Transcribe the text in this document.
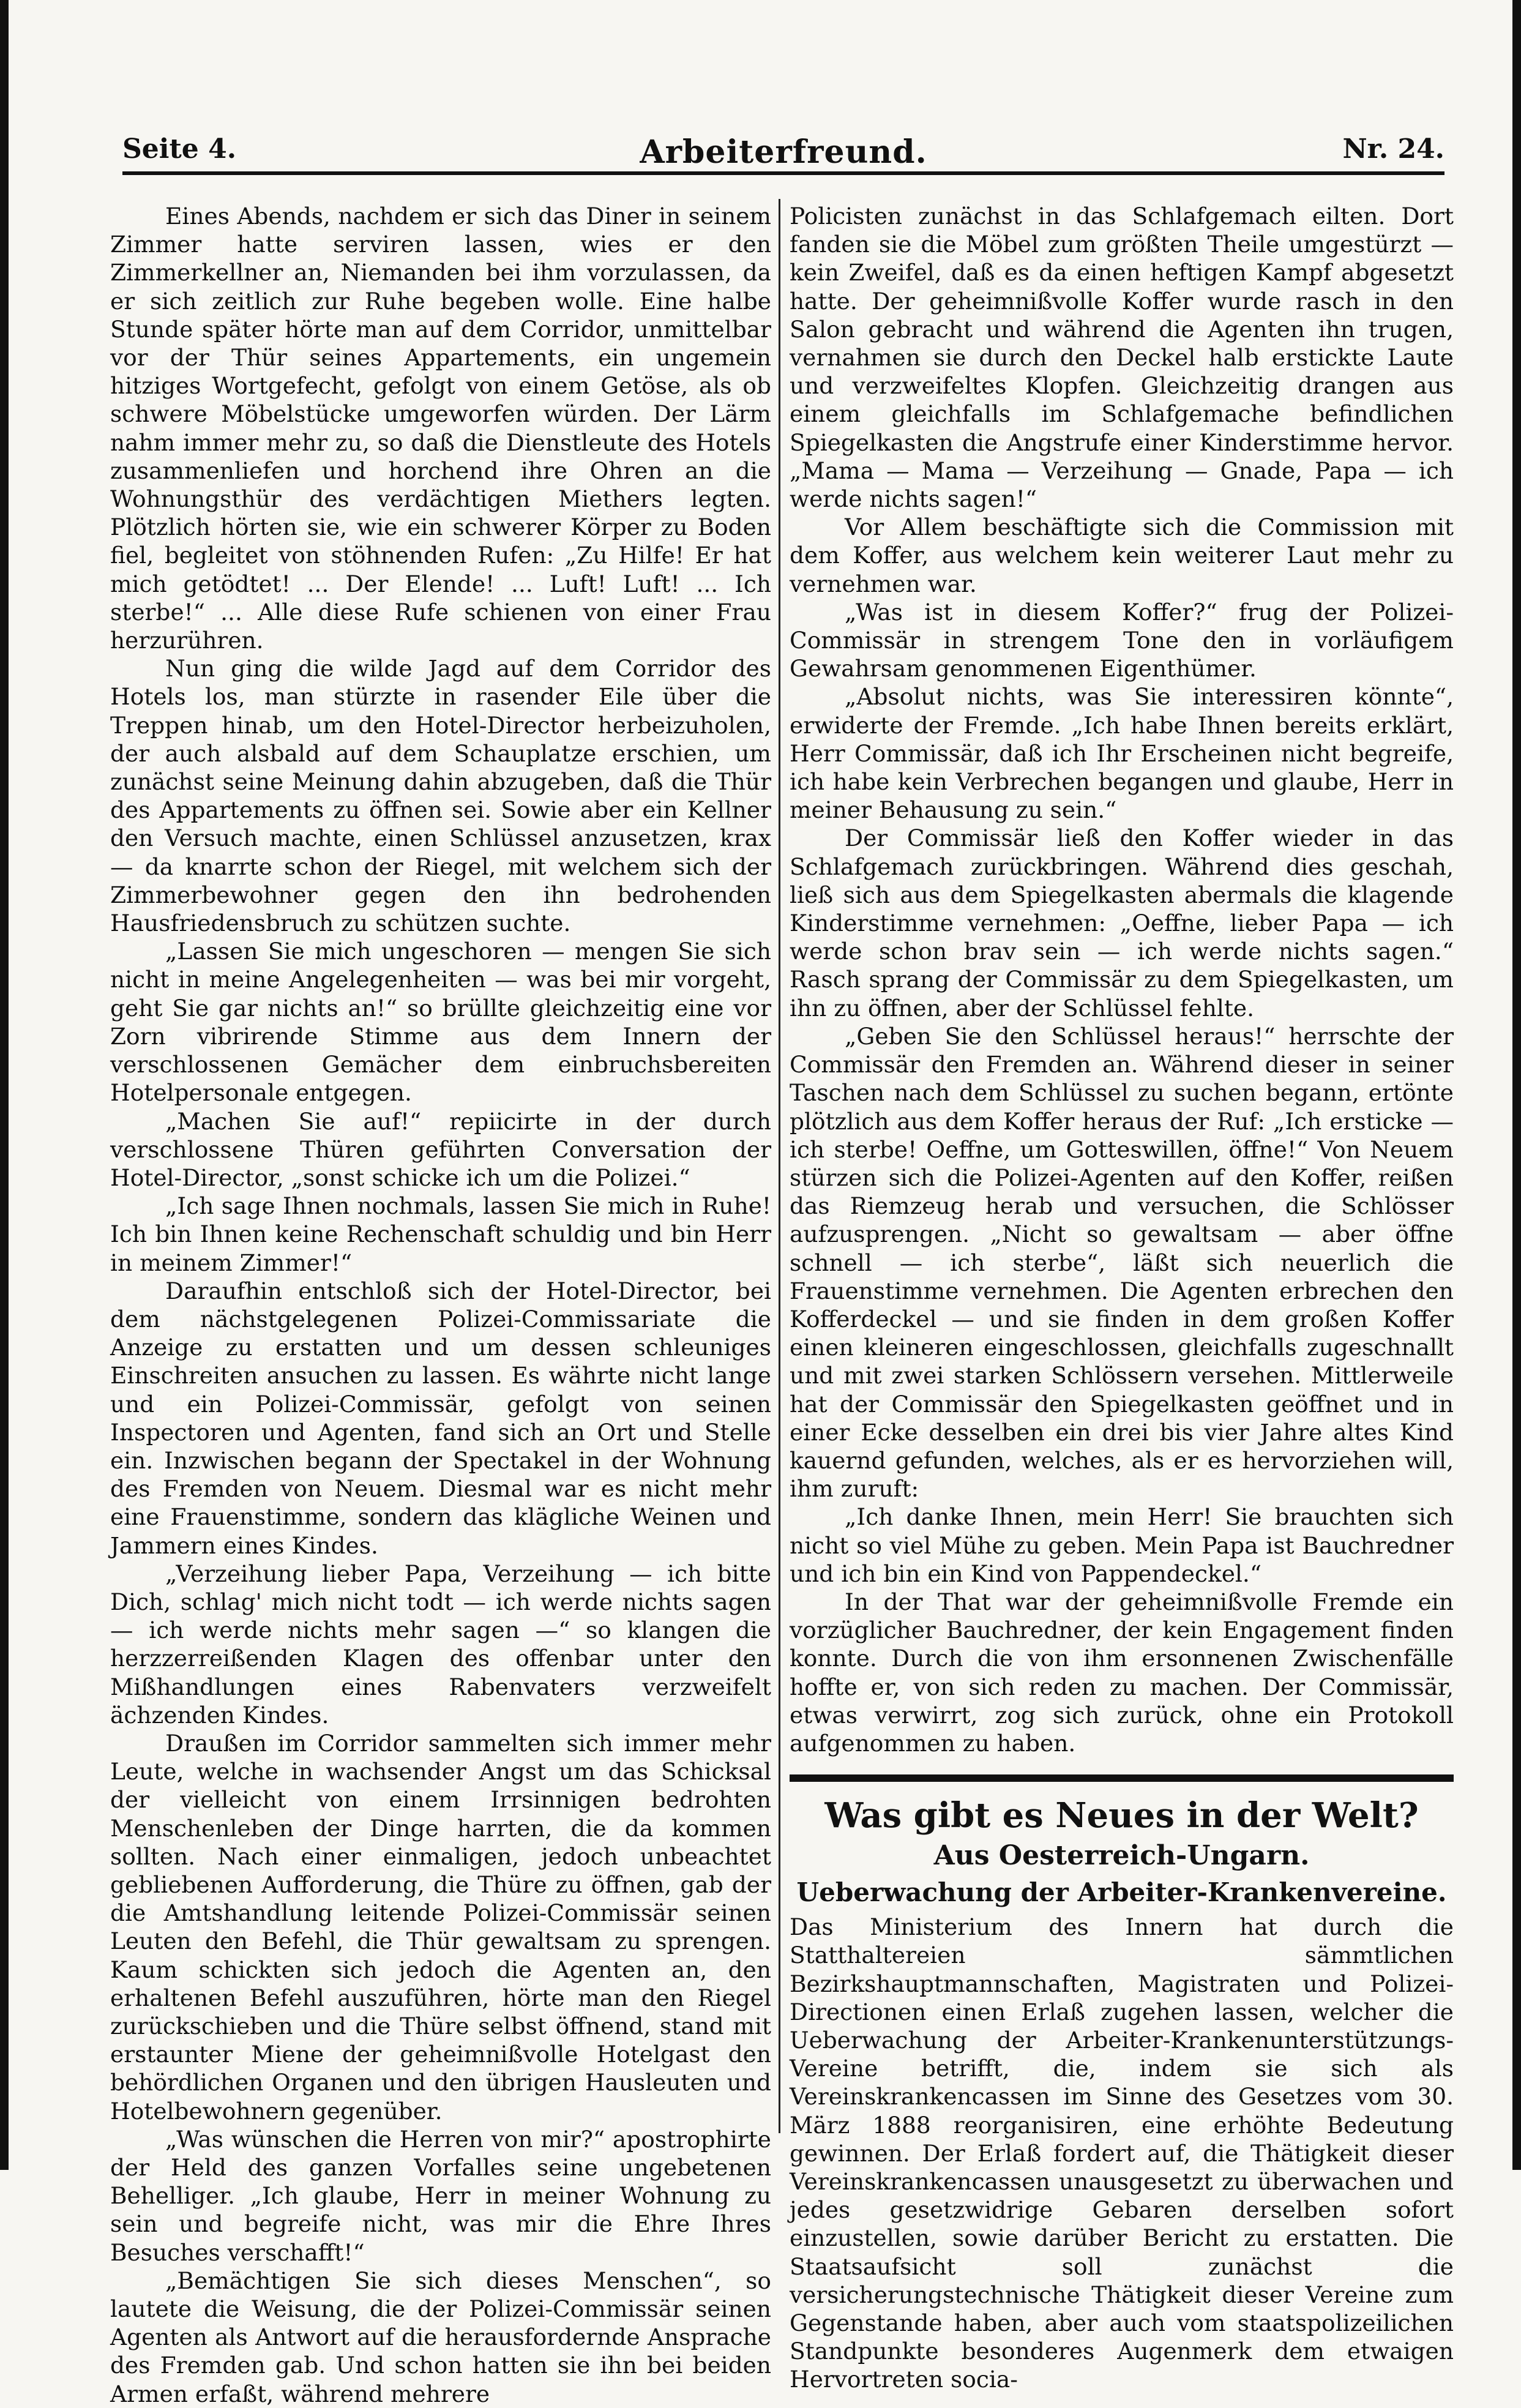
Seite 4.	Arbeiterfreund.	Nr. 24.

Eines Abends, nachdem er sich das Diner in seinem Zimmer hatte serviren lassen, wies er den Zimmerkellner an, Niemanden bei ihm vorzulassen, da er sich zeitlich zur Ruhe begeben wolle. Eine halbe Stunde später hörte man auf dem Corridor, unmittelbar vor der Thür seines Appartements, ein ungemein hitziges Wortgefecht, gefolgt von einem Getöse, als ob schwere Möbelstücke umgeworfen würden. Der Lärm nahm immer mehr zu, so daß die Dienstleute des Hotels zusammenliefen und horchend ihre Ohren an die Wohnungsthür des verdächtigen Miethers legten. Plötzlich hörten sie, wie ein schwerer Körper zu Boden fiel, begleitet von stöhnenden Rufen: „Zu Hilfe! Er hat mich getödtet! ... Der Elende! ... Luft! Luft! ... Ich sterbe!“ ... Alle diese Rufe schienen von einer Frau herzurühren.

Nun ging die wilde Jagd auf dem Corridor des Hotels los, man stürzte in rasender Eile über die Treppen hinab, um den Hotel-Director herbeizuholen, der auch alsbald auf dem Schauplatze erschien, um zunächst seine Meinung dahin abzugeben, daß die Thür des Appartements zu öffnen sei. Sowie aber ein Kellner den Versuch machte, einen Schlüssel anzusetzen, krax — da knarrte schon der Riegel, mit welchem sich der Zimmerbewohner gegen den ihn bedrohenden Hausfriedensbruch zu schützen suchte.

„Lassen Sie mich ungeschoren — mengen Sie sich nicht in meine Angelegenheiten — was bei mir vorgeht, geht Sie gar nichts an!“ so brüllte gleichzeitig eine vor Zorn vibrirende Stimme aus dem Innern der verschlossenen Gemächer dem einbruchsbereiten Hotelpersonale entgegen.

„Machen Sie auf!“ repiicirte in der durch verschlossene Thüren geführten Conversation der Hotel-Director, „sonst schicke ich um die Polizei.“

„Ich sage Ihnen nochmals, lassen Sie mich in Ruhe! Ich bin Ihnen keine Rechenschaft schuldig und bin Herr in meinem Zimmer!“

Daraufhin entschloß sich der Hotel-Director, bei dem nächstgelegenen Polizei-Commissariate die Anzeige zu erstatten und um dessen schleuniges Einschreiten ansuchen zu lassen. Es währte nicht lange und ein Polizei-Commissär, gefolgt von seinen Inspectoren und Agenten, fand sich an Ort und Stelle ein. Inzwischen begann der Spectakel in der Wohnung des Fremden von Neuem. Diesmal war es nicht mehr eine Frauenstimme, sondern das klägliche Weinen und Jammern eines Kindes.

„Verzeihung lieber Papa, Verzeihung — ich bitte Dich, schlag' mich nicht todt — ich werde nichts sagen — ich werde nichts mehr sagen —“ so klangen die herzzerreißenden Klagen des offenbar unter den Mißhandlungen eines Rabenvaters verzweifelt ächzenden Kindes.

Draußen im Corridor sammelten sich immer mehr Leute, welche in wachsender Angst um das Schicksal der vielleicht von einem Irrsinnigen bedrohten Menschenleben der Dinge harrten, die da kommen sollten. Nach einer einmaligen, jedoch unbeachtet gebliebenen Aufforderung, die Thüre zu öffnen, gab der die Amtshandlung leitende Polizei-Commissär seinen Leuten den Befehl, die Thür gewaltsam zu sprengen. Kaum schickten sich jedoch die Agenten an, den erhaltenen Befehl auszuführen, hörte man den Riegel zurückschieben und die Thüre selbst öffnend, stand mit erstaunter Miene der geheimnißvolle Hotelgast den behördlichen Organen und den übrigen Hausleuten und Hotelbewohnern gegenüber.

„Was wünschen die Herren von mir?“ apostrophirte der Held des ganzen Vorfalles seine ungebetenen Behelliger. „Ich glaube, Herr in meiner Wohnung zu sein und begreife nicht, was mir die Ehre Ihres Besuches verschafft!“

„Bemächtigen Sie sich dieses Menschen“, so lautete die Weisung, die der Polizei-Commissär seinen Agenten als Antwort auf die herausfordernde Ansprache des Fremden gab. Und schon hatten sie ihn bei beiden Armen erfaßt, während mehrere

Policisten zunächst in das Schlafgemach eilten. Dort fanden sie die Möbel zum größten Theile umgestürzt — kein Zweifel, daß es da einen heftigen Kampf abgesetzt hatte. Der geheimnißvolle Koffer wurde rasch in den Salon gebracht und während die Agenten ihn trugen, vernahmen sie durch den Deckel halb erstickte Laute und verzweifeltes Klopfen. Gleichzeitig drangen aus einem gleichfalls im Schlafgemache befindlichen Spiegelkasten die Angstrufe einer Kinderstimme hervor. „Mama — Mama — Verzeihung — Gnade, Papa — ich werde nichts sagen!“

Vor Allem beschäftigte sich die Commission mit dem Koffer, aus welchem kein weiterer Laut mehr zu vernehmen war.

„Was ist in diesem Koffer?“ frug der Polizei-Commissär in strengem Tone den in vorläufigem Gewahrsam genommenen Eigenthümer.

„Absolut nichts, was Sie interessiren könnte“, erwiderte der Fremde. „Ich habe Ihnen bereits erklärt, Herr Commissär, daß ich Ihr Erscheinen nicht begreife, ich habe kein Verbrechen begangen und glaube, Herr in meiner Behausung zu sein.“

Der Commissär ließ den Koffer wieder in das Schlafgemach zurückbringen. Während dies geschah, ließ sich aus dem Spiegelkasten abermals die klagende Kinderstimme vernehmen: „Oeffne, lieber Papa — ich werde schon brav sein — ich werde nichts sagen.“ Rasch sprang der Commissär zu dem Spiegelkasten, um ihn zu öffnen, aber der Schlüssel fehlte.

„Geben Sie den Schlüssel heraus!“ herrschte der Commissär den Fremden an. Während dieser in seiner Taschen nach dem Schlüssel zu suchen begann, ertönte plötzlich aus dem Koffer heraus der Ruf: „Ich ersticke — ich sterbe! Oeffne, um Gotteswillen, öffne!“ Von Neuem stürzen sich die Polizei-Agenten auf den Koffer, reißen das Riemzeug herab und versuchen, die Schlösser aufzusprengen. „Nicht so gewaltsam — aber öffne schnell — ich sterbe“, läßt sich neuerlich die Frauenstimme vernehmen. Die Agenten erbrechen den Kofferdeckel — und sie finden in dem großen Koffer einen kleineren eingeschlossen, gleichfalls zugeschnallt und mit zwei starken Schlössern versehen. Mittlerweile hat der Commissär den Spiegelkasten geöffnet und in einer Ecke desselben ein drei bis vier Jahre altes Kind kauernd gefunden, welches, als er es hervorziehen will, ihm zuruft:

„Ich danke Ihnen, mein Herr! Sie brauchten sich nicht so viel Mühe zu geben. Mein Papa ist Bauchredner und ich bin ein Kind von Pappendeckel.“

In der That war der geheimnißvolle Fremde ein vorzüglicher Bauchredner, der kein Engagement finden konnte. Durch die von ihm ersonnenen Zwischenfälle hoffte er, von sich reden zu machen. Der Commissär, etwas verwirrt, zog sich zurück, ohne ein Protokoll aufgenommen zu haben.

Was gibt es Neues in der Welt?
Aus Oesterreich-Ungarn.
Ueberwachung der Arbeiter-Krankenvereine.

Das Ministerium des Innern hat durch die Statthaltereien sämmtlichen Bezirkshauptmannschaften, Magistraten und Polizei-Directionen einen Erlaß zugehen lassen, welcher die Ueberwachung der Arbeiter-Krankenunterstützungs-Vereine betrifft, die, indem sie sich als Vereinskrankencassen im Sinne des Gesetzes vom 30. März 1888 reorganisiren, eine erhöhte Bedeutung gewinnen. Der Erlaß fordert auf, die Thätigkeit dieser Vereinskrankencassen unausgesetzt zu überwachen und jedes gesetzwidrige Gebaren derselben sofort einzustellen, sowie darüber Bericht zu erstatten. Die Staatsaufsicht soll zunächst die versicherungstechnische Thätigkeit dieser Vereine zum Gegenstande haben, aber auch vom staatspolizeilichen Standpunkte besonderes Augenmerk dem etwaigen Hervortreten socia-
